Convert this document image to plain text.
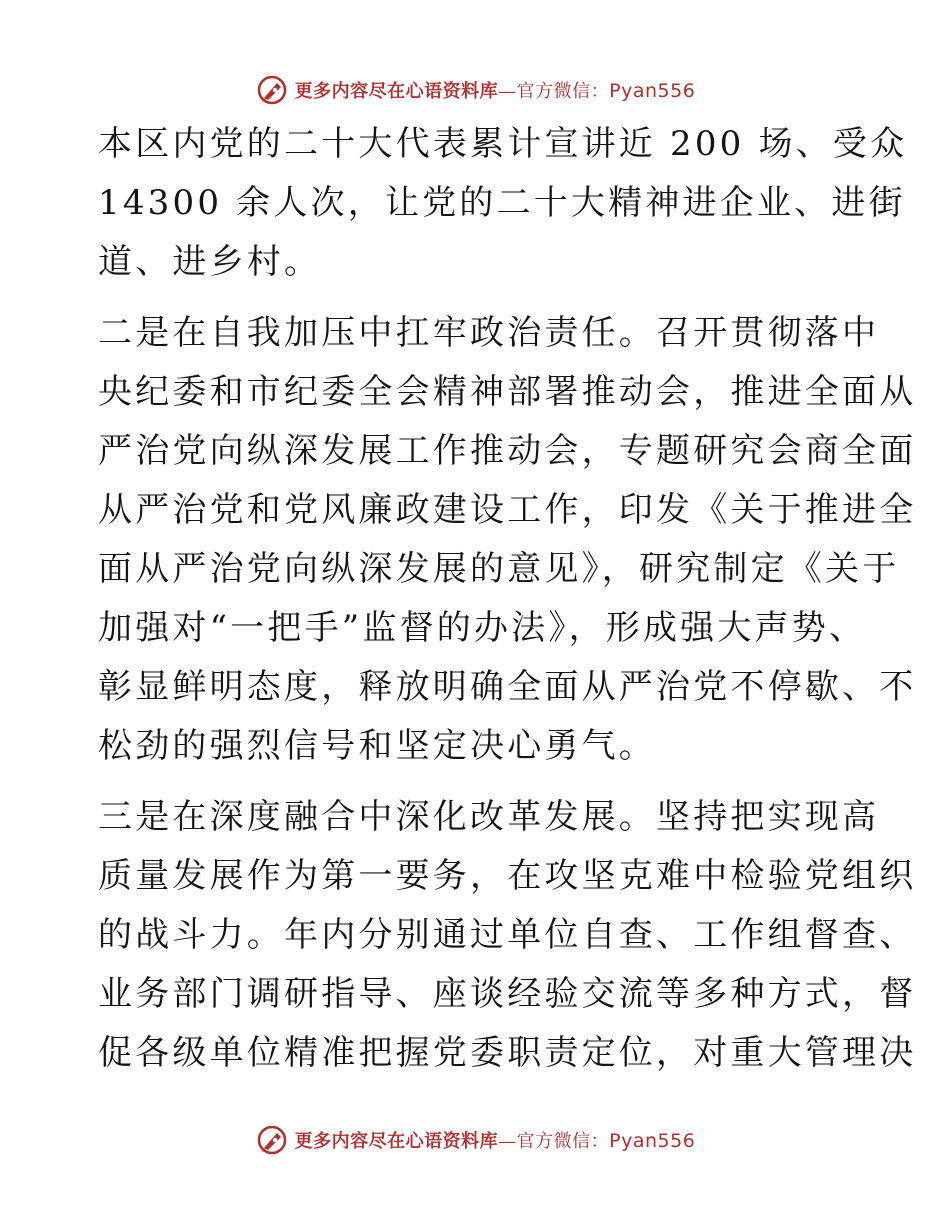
更多内容尽在心语资料库—官方微信：Pyan556
本区内党的二十大代表累计宣讲近 200 场、受众
14300 余人次，让党的二十大精神进企业、进街
道、进乡村。
二是在自我加压中扛牢政治责任。召开贯彻落中
央纪委和市纪委全会精神部署推动会，推进全面从
严治党向纵深发展工作推动会，专题研究会商全面
从严治党和党风廉政建设工作，印发《关于推进全
面从严治党向纵深发展的意见》，研究制定《关于
加强对“一把手”监督的办法》，形成强大声势、
彰显鲜明态度，释放明确全面从严治党不停歇、不
松劲的强烈信号和坚定决心勇气。
三是在深度融合中深化改革发展。坚持把实现高
质量发展作为第一要务，在攻坚克难中检验党组织
的战斗力。年内分别通过单位自查、工作组督查、
业务部门调研指导、座谈经验交流等多种方式，督
促各级单位精准把握党委职责定位，对重大管理决
更多内容尽在心语资料库—官方微信：Pyan556
